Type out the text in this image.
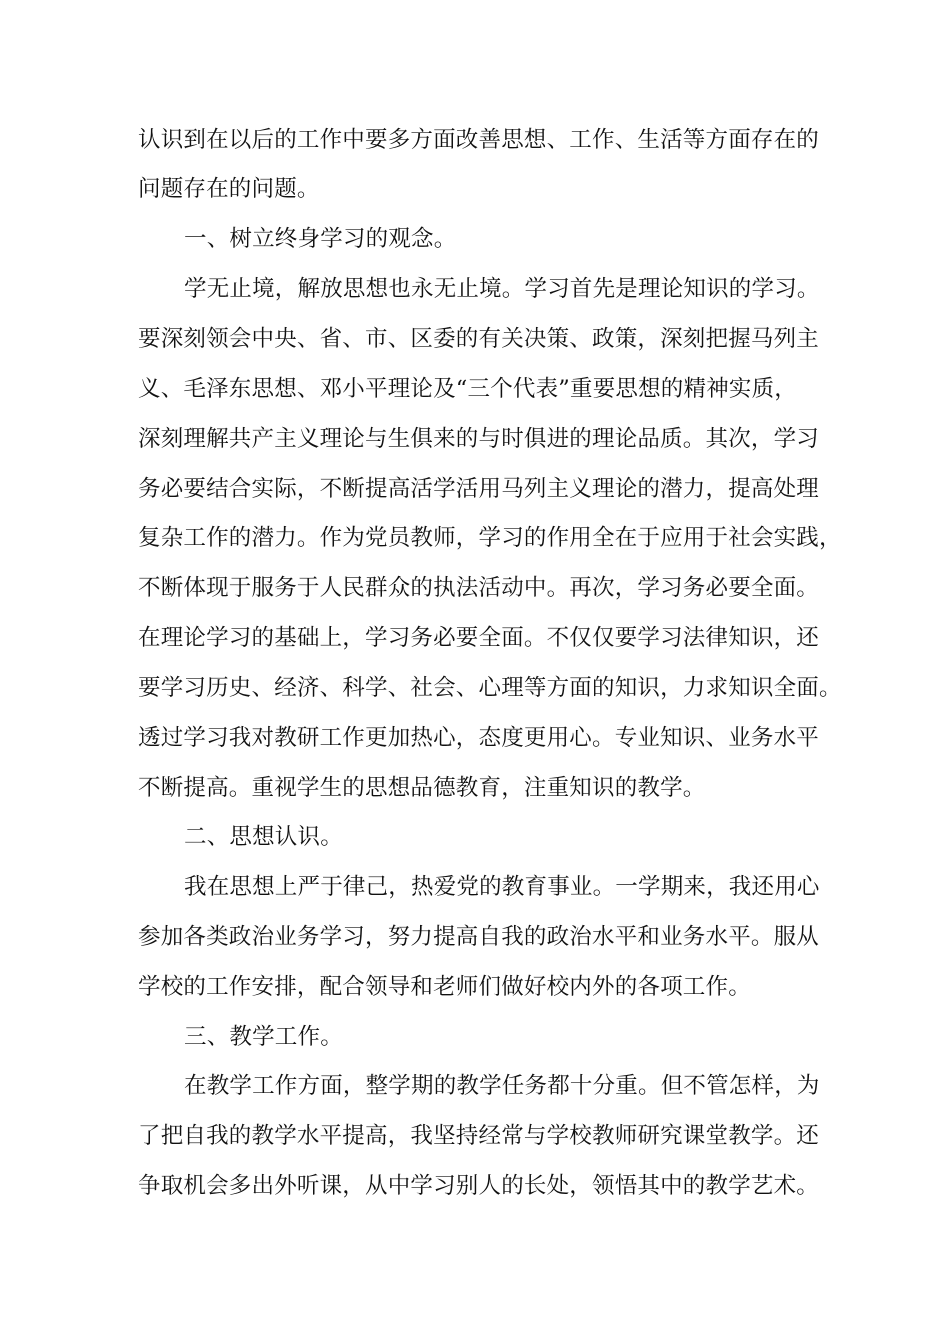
认识到在以后的工作中要多方面改善思想、工作、生活等方面存在的
问题存在的问题。
一、树立终身学习的观念。
学无止境，解放思想也永无止境。学习首先是理论知识的学习。
要深刻领会中央、省、市、区委的有关决策、政策，深刻把握马列主
义、毛泽东思想、邓小平理论及“三个代表”重要思想的精神实质，
深刻理解共产主义理论与生俱来的与时俱进的理论品质。其次，学习
务必要结合实际，不断提高活学活用马列主义理论的潜力，提高处理
复杂工作的潜力。作为党员教师，学习的作用全在于应用于社会实践，
不断体现于服务于人民群众的执法活动中。再次，学习务必要全面。
在理论学习的基础上，学习务必要全面。不仅仅要学习法律知识，还
要学习历史、经济、科学、社会、心理等方面的知识，力求知识全面。
透过学习我对教研工作更加热心，态度更用心。专业知识、业务水平
不断提高。重视学生的思想品德教育，注重知识的教学。
二、思想认识。
我在思想上严于律己，热爱党的教育事业。一学期来，我还用心
参加各类政治业务学习，努力提高自我的政治水平和业务水平。服从
学校的工作安排，配合领导和老师们做好校内外的各项工作。
三、教学工作。
在教学工作方面，整学期的教学任务都十分重。但不管怎样，为
了把自我的教学水平提高，我坚持经常与学校教师研究课堂教学。还
争取机会多出外听课，从中学习别人的长处，领悟其中的教学艺术。
